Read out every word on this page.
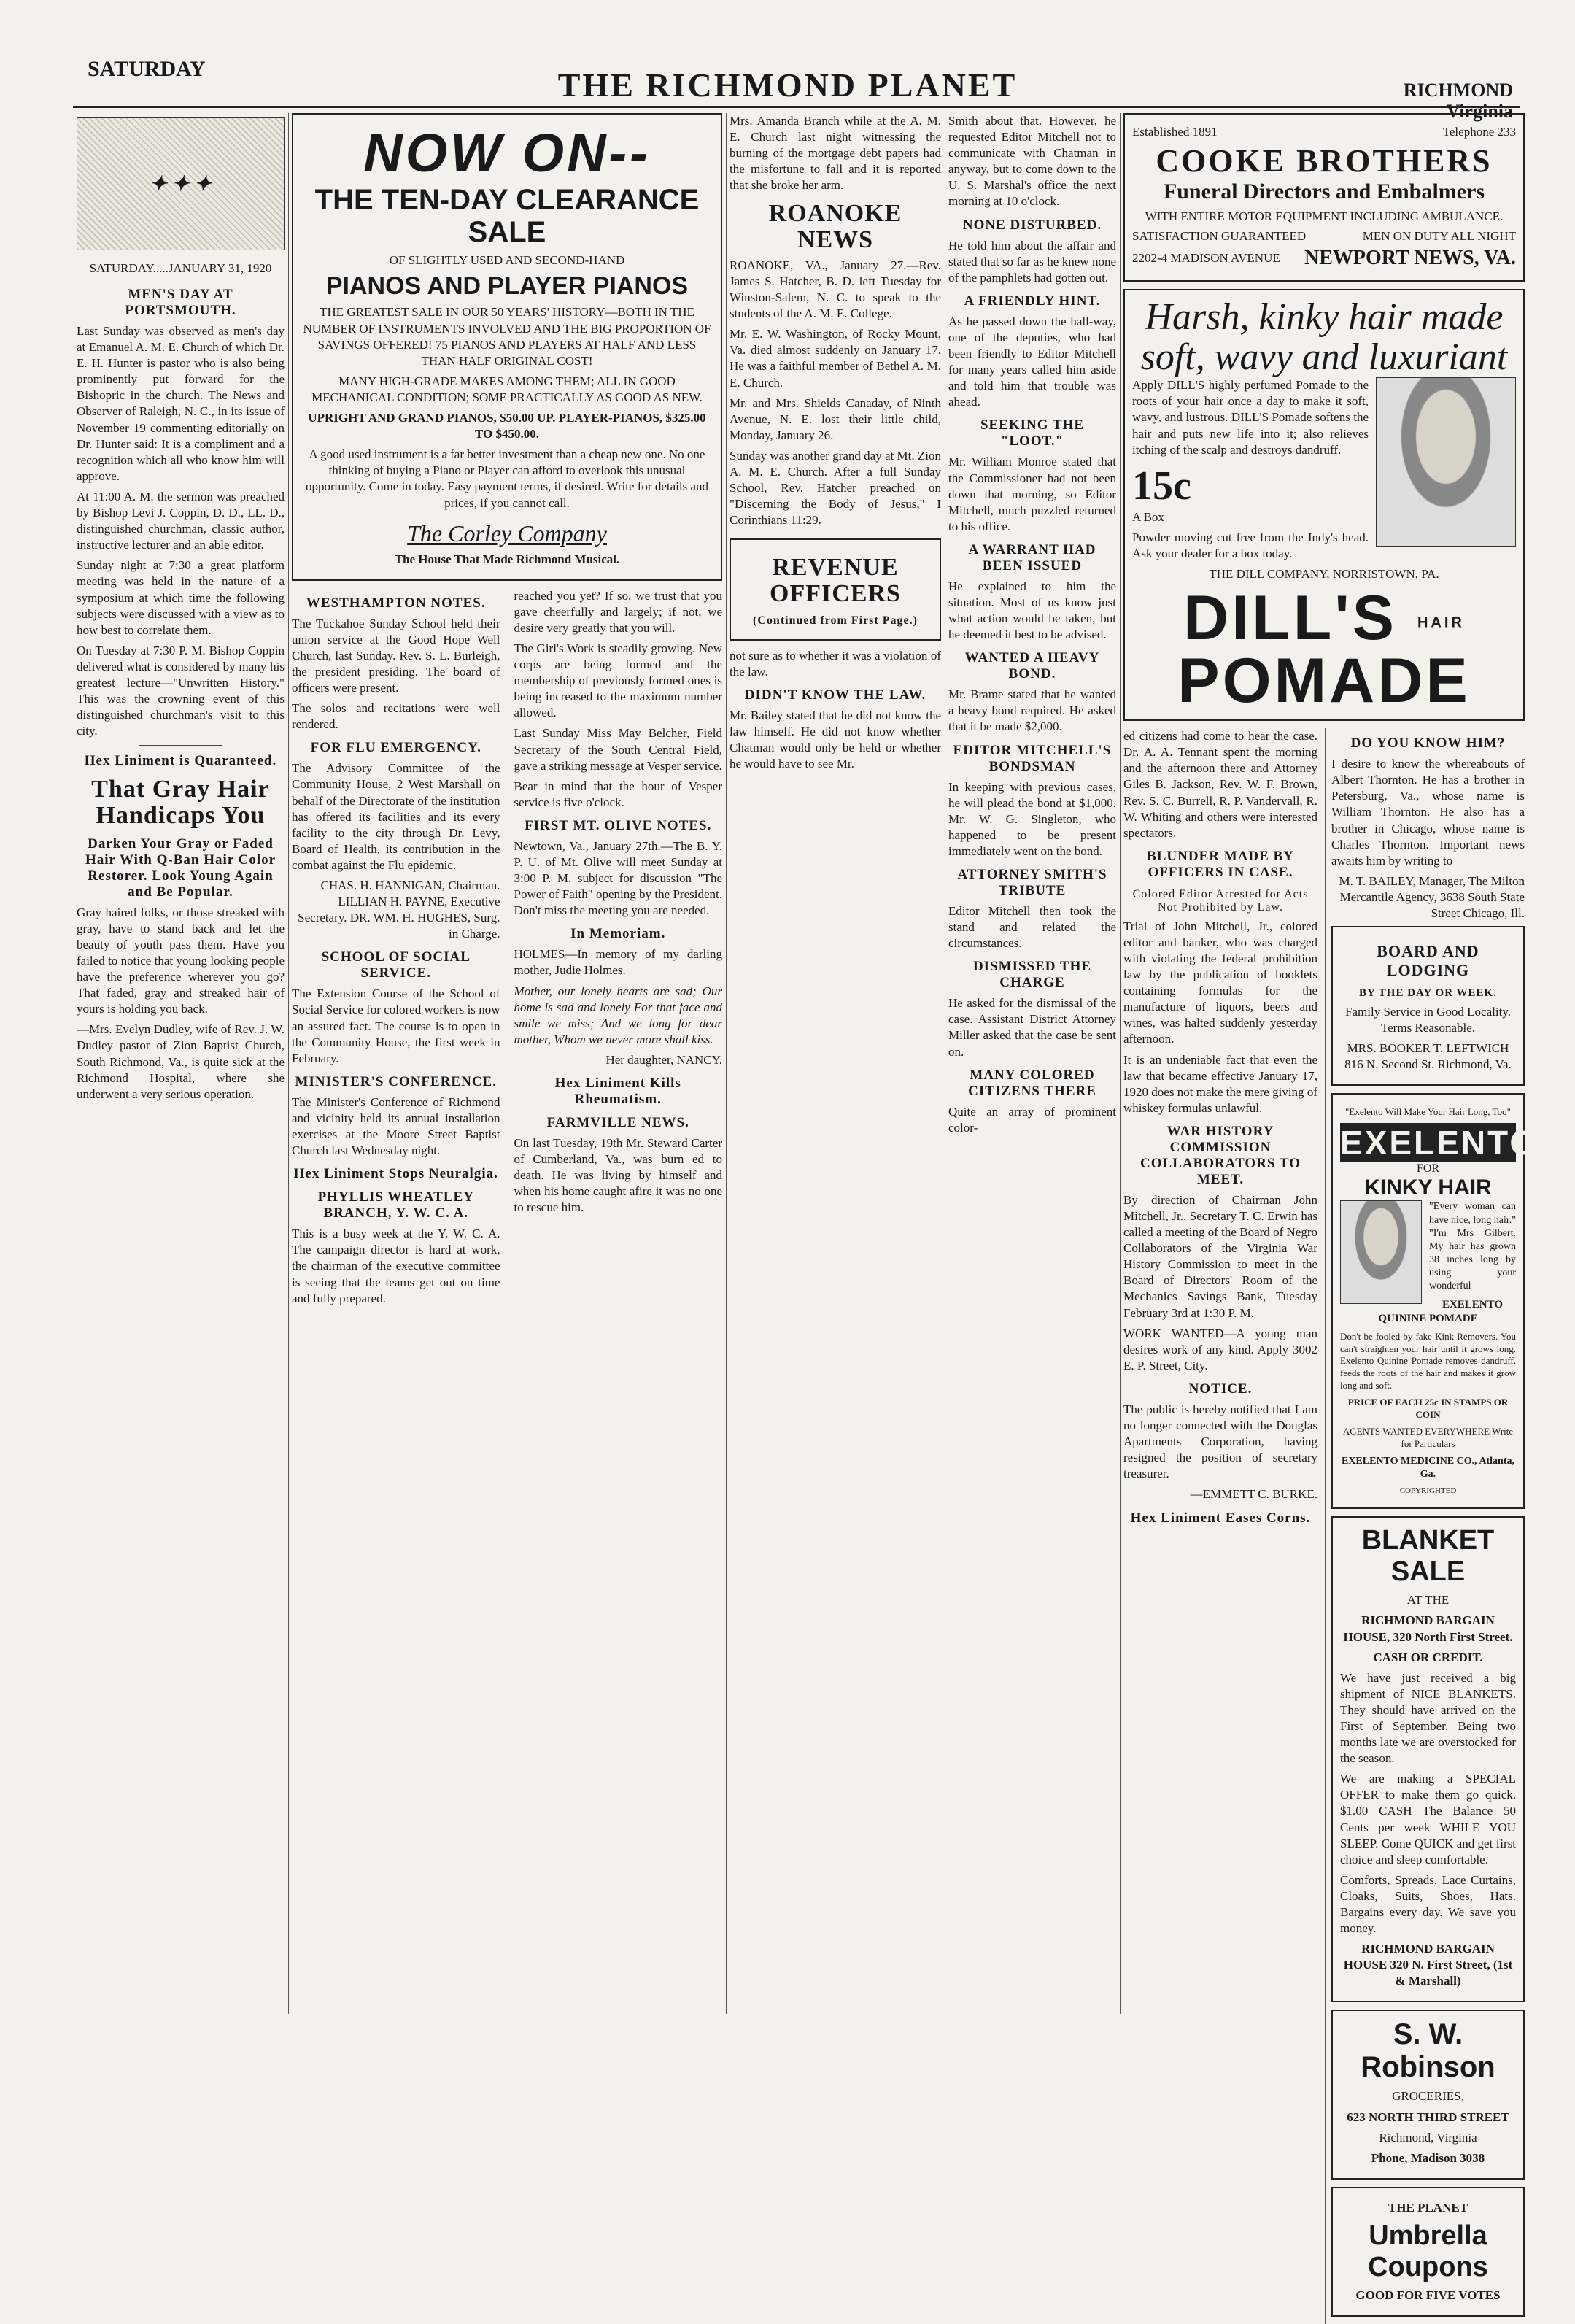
SATURDAY	THE RICHMOND PLANET	RICHMOND
Virginia
✦ ✦ ✦
SATURDAY.....JANUARY 31, 1920
MEN'S DAY AT PORTSMOUTH.

Last Sunday was observed as men's day at Emanuel A. M. E. Church of which Dr. E. H. Hunter is pastor who is also being prominently put forward for the Bishopric in the church. The News and Observer of Raleigh, N. C., in its issue of November 19 commenting editorially on Dr. Hunter said: It is a compliment and a recognition which all who know him will approve.

At 11:00 A. M. the sermon was preached by Bishop Levi J. Coppin, D. D., LL. D., distinguished churchman, classic author, instructive lecturer and an able editor.

Sunday night at 7:30 a great platform meeting was held in the nature of a symposium at which time the following subjects were discussed with a view as to how best to correlate them.

On Tuesday at 7:30 P. M. Bishop Coppin delivered what is considered by many his greatest lecture—"Unwritten History." This was the crowning event of this distinguished churchman's visit to this city.

Hex Liniment is Quaranteed.
That Gray Hair Handicaps You
Darken Your Gray or Faded Hair With Q-Ban Hair Color Restorer. Look Young Again and Be Popular.

Gray haired folks, or those streaked with gray, have to stand back and let the beauty of youth pass them. Have you failed to notice that young looking people have the preference wherever you go? That faded, gray and streaked hair of yours is holding you back.

—Mrs. Evelyn Dudley, wife of Rev. J. W. Dudley pastor of Zion Baptist Church, South Richmond, Va., is quite sick at the Richmond Hospital, where she underwent a very serious operation.

NOW ON--
THE TEN-DAY CLEARANCE SALE
OF SLIGHTLY USED AND SECOND-HAND
PIANOS AND PLAYER PIANOS
THE GREATEST SALE IN OUR 50 YEARS' HISTORY—BOTH IN THE NUMBER OF INSTRUMENTS INVOLVED AND THE BIG PROPORTION OF SAVINGS OFFERED! 75 PIANOS AND PLAYERS AT HALF AND LESS THAN HALF ORIGINAL COST!
MANY HIGH-GRADE MAKES AMONG THEM; ALL IN GOOD MECHANICAL CONDITION; SOME PRACTICALLY AS GOOD AS NEW.
UPRIGHT AND GRAND PIANOS, $50.00 UP. PLAYER-PIANOS, $325.00 TO $450.00.
A good used instrument is a far better investment than a cheap new one. No one thinking of buying a Piano or Player can afford to overlook this unusual opportunity. Come in today. Easy payment terms, if desired. Write for details and prices, if you cannot call.
The Corley Company
The House That Made Richmond Musical.
WESTHAMPTON NOTES.

The Tuckahoe Sunday School held their union service at the Good Hope Well Church, last Sunday. Rev. S. L. Burleigh, the president presiding. The board of officers were present.

The solos and recitations were well rendered.

FOR FLU EMERGENCY.

The Advisory Committee of the Community House, 2 West Marshall on behalf of the Directorate of the institution has offered its facilities and its every facility to the city through Dr. Levy, Board of Health, its contribution in the combat against the Flu epidemic.

CHAS. H. HANNIGAN, Chairman. LILLIAN H. PAYNE, Executive Secretary. DR. WM. H. HUGHES, Surg. in Charge.

SCHOOL OF SOCIAL SERVICE.

The Extension Course of the School of Social Service for colored workers is now an assured fact. The course is to open in the Community House, the first week in February.

MINISTER'S CONFERENCE.

The Minister's Conference of Richmond and vicinity held its annual installation exercises at the Moore Street Baptist Church last Wednesday night.

Hex Liniment Stops Neuralgia.
PHYLLIS WHEATLEY BRANCH, Y. W. C. A.

This is a busy week at the Y. W. C. A. The campaign director is hard at work, the chairman of the executive committee is seeing that the teams get out on time and fully prepared.

reached you yet? If so, we trust that you gave cheerfully and largely; if not, we desire very greatly that you will.

The Girl's Work is steadily growing. New corps are being formed and the membership of previously formed ones is being increased to the maximum number allowed.

Last Sunday Miss May Belcher, Field Secretary of the South Central Field, gave a striking message at Vesper service.

Bear in mind that the hour of Vesper service is five o'clock.

FIRST MT. OLIVE NOTES.

Newtown, Va., January 27th.—The B. Y. P. U. of Mt. Olive will meet Sunday at 3:00 P. M. subject for discussion "The Power of Faith" opening by the President. Don't miss the meeting you are needed.

In Memoriam.

HOLMES—In memory of my darling mother, Judie Holmes.

Mother, our lonely hearts are sad; Our home is sad and lonely For that face and smile we miss; And we long for dear mother, Whom we never more shall kiss.

Her daughter, NANCY.

Hex Liniment Kills Rheumatism.
FARMVILLE NEWS.

On last Tuesday, 19th Mr. Steward Carter of Cumberland, Va., was burn ed to death. He was living by himself and when his home caught afire it was no one to rescue him.

Mrs. Amanda Branch while at the A. M. E. Church last night witnessing the burning of the mortgage debt papers had the misfortune to fall and it is reported that she broke her arm.

ROANOKE NEWS

ROANOKE, VA., January 27.—Rev. James S. Hatcher, B. D. left Tuesday for Winston-Salem, N. C. to speak to the students of the A. M. E. College.

Mr. E. W. Washington, of Rocky Mount, Va. died almost suddenly on January 17. He was a faithful member of Bethel A. M. E. Church.

Mr. and Mrs. Shields Canaday, of Ninth Avenue, N. E. lost their little child, Monday, January 26.

Sunday was another grand day at Mt. Zion A. M. E. Church. After a full Sunday School, Rev. Hatcher preached on "Discerning the Body of Jesus," I Corinthians 11:29.

REVENUE OFFICERS
(Continued from First Page.)

not sure as to whether it was a violation of the law.

DIDN'T KNOW THE LAW.

Mr. Bailey stated that he did not know the law himself. He did not know whether Chatman would only be held or whether he would have to see Mr.

Smith about that. However, he requested Editor Mitchell not to communicate with Chatman in anyway, but to come down to the U. S. Marshal's office the next morning at 10 o'clock.

NONE DISTURBED.

He told him about the affair and stated that so far as he knew none of the pamphlets had gotten out.

A FRIENDLY HINT.

As he passed down the hall-way, one of the deputies, who had been friendly to Editor Mitchell for many years called him aside and told him that trouble was ahead.

SEEKING THE "LOOT."

Mr. William Monroe stated that the Commissioner had not been down that morning, so Editor Mitchell, much puzzled returned to his office.

A WARRANT HAD BEEN ISSUED

He explained to him the situation. Most of us know just what action would be taken, but he deemed it best to be advised.

WANTED A HEAVY BOND.

Mr. Brame stated that he wanted a heavy bond required. He asked that it be made $2,000.

EDITOR MITCHELL'S BONDSMAN

In keeping with previous cases, he will plead the bond at $1,000. Mr. W. G. Singleton, who happened to be present immediately went on the bond.

ATTORNEY SMITH'S TRIBUTE

Editor Mitchell then took the stand and related the circumstances.

DISMISSED THE CHARGE

He asked for the dismissal of the case. Assistant District Attorney Miller asked that the case be sent on.

MANY COLORED CITIZENS THERE

Quite an array of prominent color-

Established 1891	Telephone 233
COOKE BROTHERS
Funeral Directors and Embalmers
WITH ENTIRE MOTOR EQUIPMENT INCLUDING AMBULANCE.
SATISFACTION GUARANTEED	MEN ON DUTY ALL NIGHT
2202-4 MADISON AVENUE NEWPORT NEWS, VA.
Harsh, kinky hair made soft, wavy and luxuriant

Apply DILL'S highly perfumed Pomade to the roots of your hair once a day to make it soft, wavy, and lustrous. DILL'S Pomade softens the hair and puts new life into it; also relieves itching of the scalp and destroys dandruff.

15c
A Box

Powder moving cut free from the Indy's head. Ask your dealer for a box today.

THE DILL COMPANY, NORRISTOWN, PA.
DILL'S HAIR
POMADE

ed citizens had come to hear the case. Dr. A. A. Tennant spent the morning and the afternoon there and Attorney Giles B. Jackson, Rev. W. F. Brown, Rev. S. C. Burrell, R. P. Vandervall, R. W. Whiting and others were interested spectators.

BLUNDER MADE BY OFFICERS IN CASE.
Colored Editor Arrested for Acts Not Prohibited by Law.

Trial of John Mitchell, Jr., colored editor and banker, who was charged with violating the federal prohibition law by the publication of booklets containing formulas for the manufacture of liquors, beers and wines, was halted suddenly yesterday afternoon.

It is an undeniable fact that even the law that became effective January 17, 1920 does not make the mere giving of whiskey formulas unlawful.

WAR HISTORY COMMISSION COLLABORATORS TO MEET.

By direction of Chairman John Mitchell, Jr., Secretary T. C. Erwin has called a meeting of the Board of Negro Collaborators of the Virginia War History Commission to meet in the Board of Directors' Room of the Mechanics Savings Bank, Tuesday February 3rd at 1:30 P. M.

WORK WANTED—A young man desires work of any kind. Apply 3002 E. P. Street, City.

NOTICE.

The public is hereby notified that I am no longer connected with the Douglas Apartments Corporation, having resigned the position of secretary treasurer.

—EMMETT C. BURKE.

Hex Liniment Eases Corns.
DO YOU KNOW HIM?

I desire to know the whereabouts of Albert Thornton. He has a brother in Petersburg, Va., whose name is William Thornton. He also has a brother in Chicago, whose name is Charles Thornton. Important news awaits him by writing to

M. T. BAILEY, Manager, The Milton Mercantile Agency, 3638 South State Street Chicago, Ill.

BOARD AND LODGING
BY THE DAY OR WEEK.
Family Service in Good Locality. Terms Reasonable.
MRS. BOOKER T. LEFTWICH 816 N. Second St. Richmond, Va.
"Exelento Will Make Your Hair Long, Too"
EXELENTO
FOR
KINKY HAIR

"Every woman can have nice, long hair." "I'm Mrs Gilbert. My hair has grown 38 inches long by using your wonderful

EXELENTO QUININE POMADE

Don't be fooled by fake Kink Removers. You can't straighten your hair until it grows long. Exelento Quinine Pomade removes dandruff, feeds the roots of the hair and makes it grow long and soft.

PRICE OF EACH 25c IN STAMPS OR COIN
AGENTS WANTED EVERYWHERE Write for Particulars
EXELENTO MEDICINE CO., Atlanta, Ga.
COPYRIGHTED
BLANKET SALE
AT THE
RICHMOND BARGAIN HOUSE, 320 North First Street.
CASH OR CREDIT.

We have just received a big shipment of NICE BLANKETS. They should have arrived on the First of September. Being two months late we are overstocked for the season.

We are making a SPECIAL OFFER to make them go quick. $1.00 CASH The Balance 50 Cents per week WHILE YOU SLEEP. Come QUICK and get first choice and sleep comfortable.

Comforts, Spreads, Lace Curtains, Cloaks, Suits, Shoes, Hats. Bargains every day. We save you money.

RICHMOND BARGAIN HOUSE 320 N. First Street, (1st & Marshall)
S. W. Robinson
GROCERIES,
623 NORTH THIRD STREET
Richmond, Virginia
Phone, Madison 3038
THE PLANET
Umbrella Coupons
GOOD FOR FIVE VOTES
